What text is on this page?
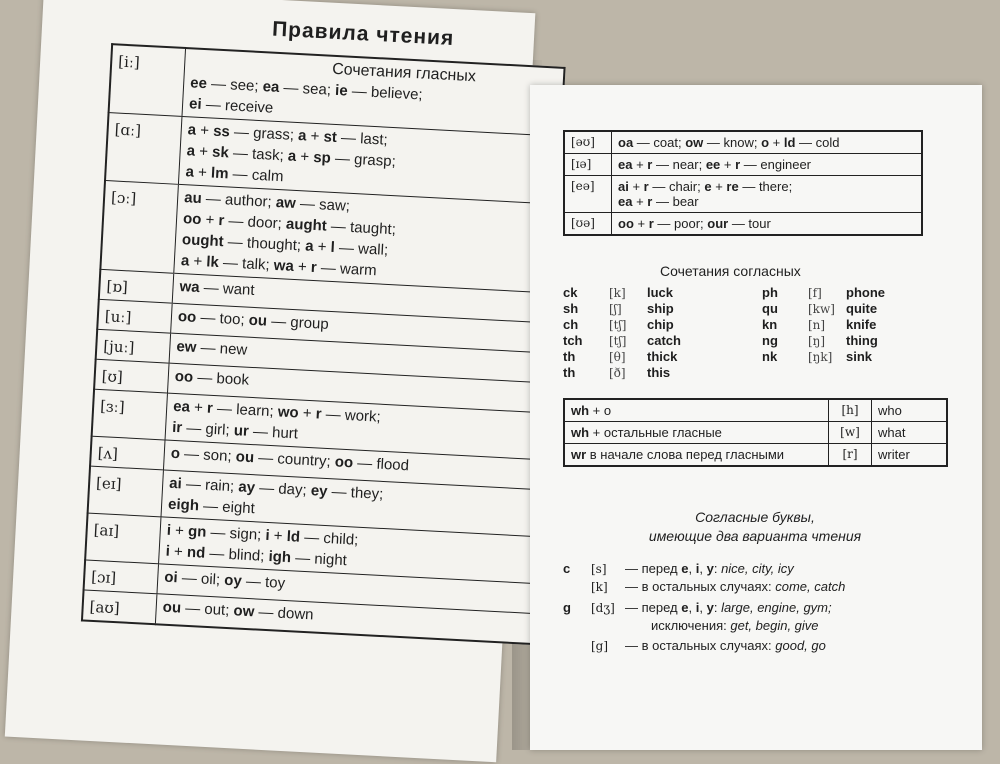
Правила чтения
[iː]	Сочетания гласных
ee — see; ea — sea; ie — believe;
ei — receive

[ɑː]	a + ss — grass; a + st — last;
a + sk — task; a + sp — grasp;
a + lm — calm

[ɔː]	au — author; aw — saw;
oo + r — door; aught — taught;
ought — thought; a + l — wall;
a + lk — talk; wa + r — warm

[ɒ]	wa — want

[uː]	oo — too; ou — group

[juː]	ew — new

[ʊ]	oo — book

[ɜː]	ea + r — learn; wo + r — work;
ir — girl; ur — hurt

[ʌ]	o — son; ou — country; oo — flood

[eɪ]	ai — rain; ay — day; ey — they;
eigh — eight

[aɪ]	i + gn — sign; i + ld — child;
i + nd — blind; igh — night

[ɔɪ]	oi — oil; oy — toy

[aʊ]	ou — out; ow — down
[əʊ]	oa — coat; ow — know; o + ld — cold

[ɪə]	ea + r — near; ee + r — engineer

[eə]	ai + r — chair; e + re — there;
ea + r — bear

[ʊə]	oo + r — poor; our — tour
Сочетания согласных
ck	[k] luck
sh	[ʃ] ship
ch	[tʃ] chip
tch [tʃ] catch
th	[θ] thick
th	[ð] this
ph	[f] phone
qu	[kw] quite
kn	[n] knife
ng	[ŋ] thing
nk	[ŋk] sink
wh + o	[h]	who
wh + остальные гласные	[w]	what
wr в начале слова перед гласными	[r]	writer
Согласные буквы,
имеющие два варианта чтения
c [s] — перед e, i, y: nice, city, icy
[k] — в остальных случаях: come, catch
g [dʒ] — перед e, i, y: large, engine, gym;
исключения: get, begin, give
[g] — в остальных случаях: good, go
